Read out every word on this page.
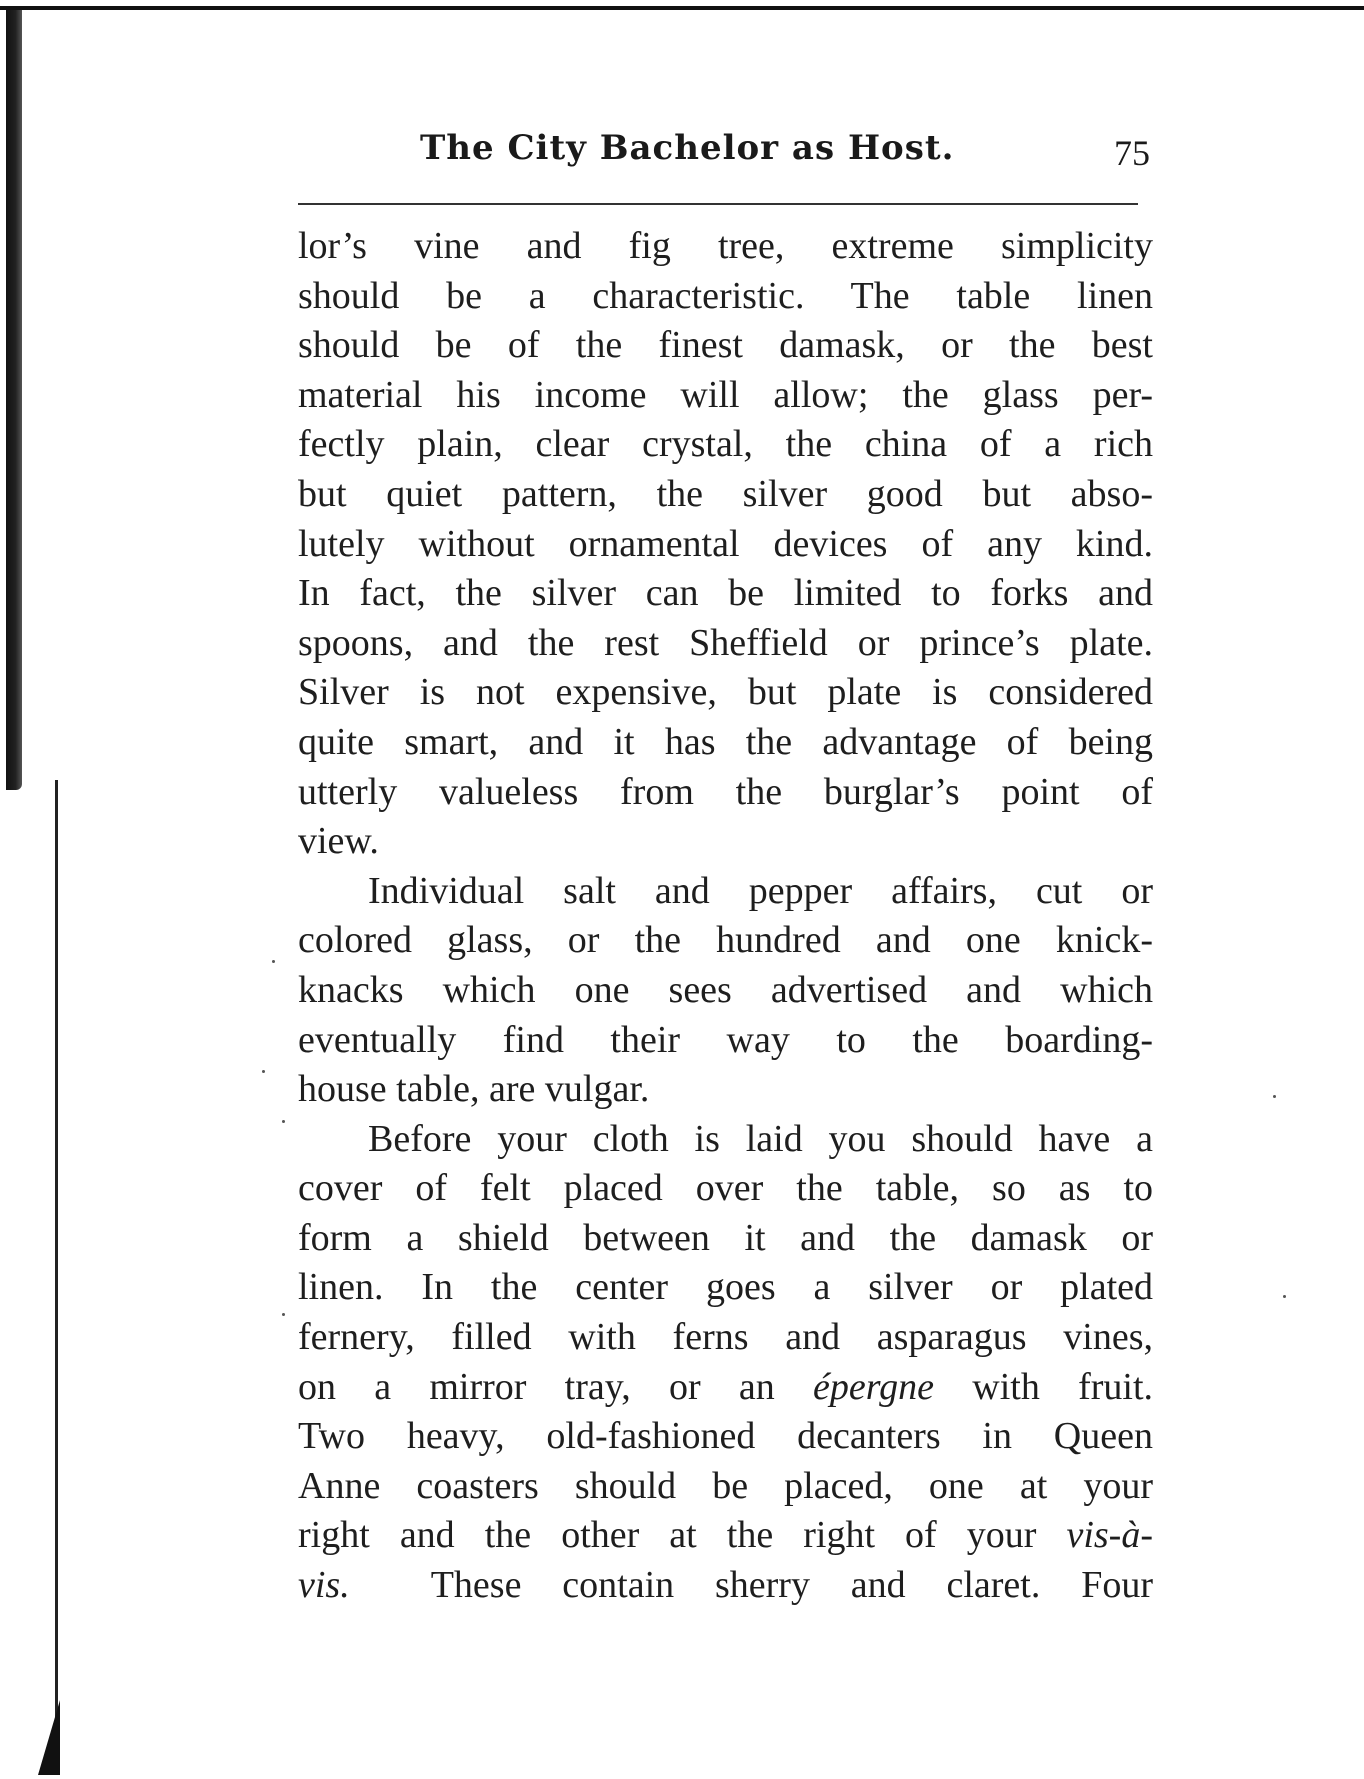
The City Bachelor as Host.	75
lor’s vine and fig tree, extreme simplicity
should be a characteristic. The table linen
should be of the finest damask, or the best
material his income will allow; the glass per-
fectly plain, clear crystal, the china of a rich
but quiet pattern, the silver good but abso-
lutely without ornamental devices of any kind.
In fact, the silver can be limited to forks and
spoons, and the rest Sheffield or prince’s plate.
Silver is not expensive, but plate is considered
quite smart, and it has the advantage of being
utterly valueless from the burglar’s point of
view.
Individual salt and pepper affairs, cut or
colored glass, or the hundred and one knick-
knacks which one sees advertised and which
eventually find their way to the boarding-
house table, are vulgar.
Before your cloth is laid you should have a
cover of felt placed over the table, so as to
form a shield between it and the damask or
linen. In the center goes a silver or plated
fernery, filled with ferns and asparagus vines,
on a mirror tray, or an épergne with fruit.
Two heavy, old-fashioned decanters in Queen
Anne coasters should be placed, one at your
right and the other at the right of your vis-à-
vis. These contain sherry and claret. Four
